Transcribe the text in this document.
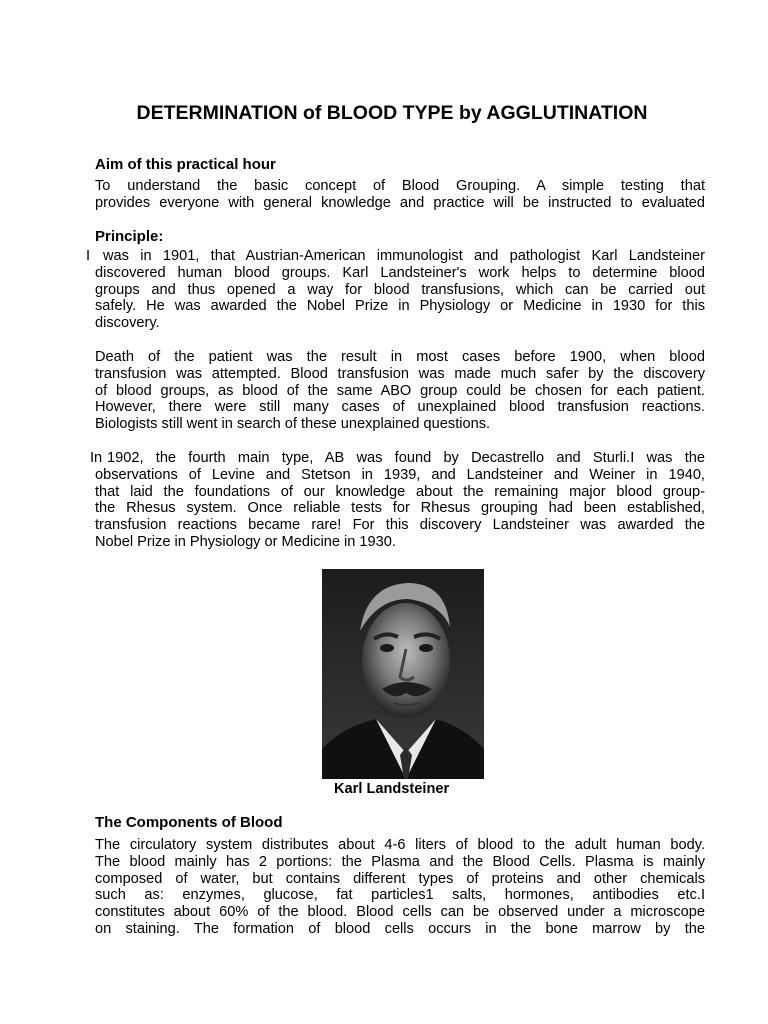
DETERMINATION of BLOOD TYPE by AGGLUTINATION
Aim of this practical hour
To understand the basic concept of Blood Grouping. A simple testing that
provides everyone with general knowledge and practice will be instructed to evaluated
Principle:
I was in 1901, that Austrian-American immunologist and pathologist Karl Landsteiner
discovered human blood groups. Karl Landsteiner's work helps to determine blood
groups and thus opened a way for blood transfusions, which can be carried out
safely. He was awarded the Nobel Prize in Physiology or Medicine in 1930 for this
discovery.
Death of the patient was the result in most cases before 1900, when blood
transfusion was attempted. Blood transfusion was made much safer by the discovery
of blood groups, as blood of the same ABO group could be chosen for each patient.
However, there were still many cases of unexplained blood transfusion reactions.
Biologists still went in search of these unexplained questions.
In 1902, the fourth main type, AB was found by Decastrello and Sturli.I was the
observations of Levine and Stetson in 1939, and Landsteiner and Weiner in 1940,
that laid the foundations of our knowledge about the remaining major blood group-
the Rhesus system. Once reliable tests for Rhesus grouping had been established,
transfusion reactions became rare! For this discovery Landsteiner was awarded the
Nobel Prize in Physiology or Medicine in 1930.
Karl Landsteiner
The Components of Blood
The circulatory system distributes about 4-6 liters of blood to the adult human body.
The blood mainly has 2 portions: the Plasma and the Blood Cells. Plasma is mainly
composed of water, but contains different types of proteins and other chemicals
such as: enzymes, glucose, fat particles1 salts, hormones, antibodies etc.I
constitutes about 60% of the blood. Blood cells can be observed under a microscope
on staining. The formation of blood cells occurs in the bone marrow by the
